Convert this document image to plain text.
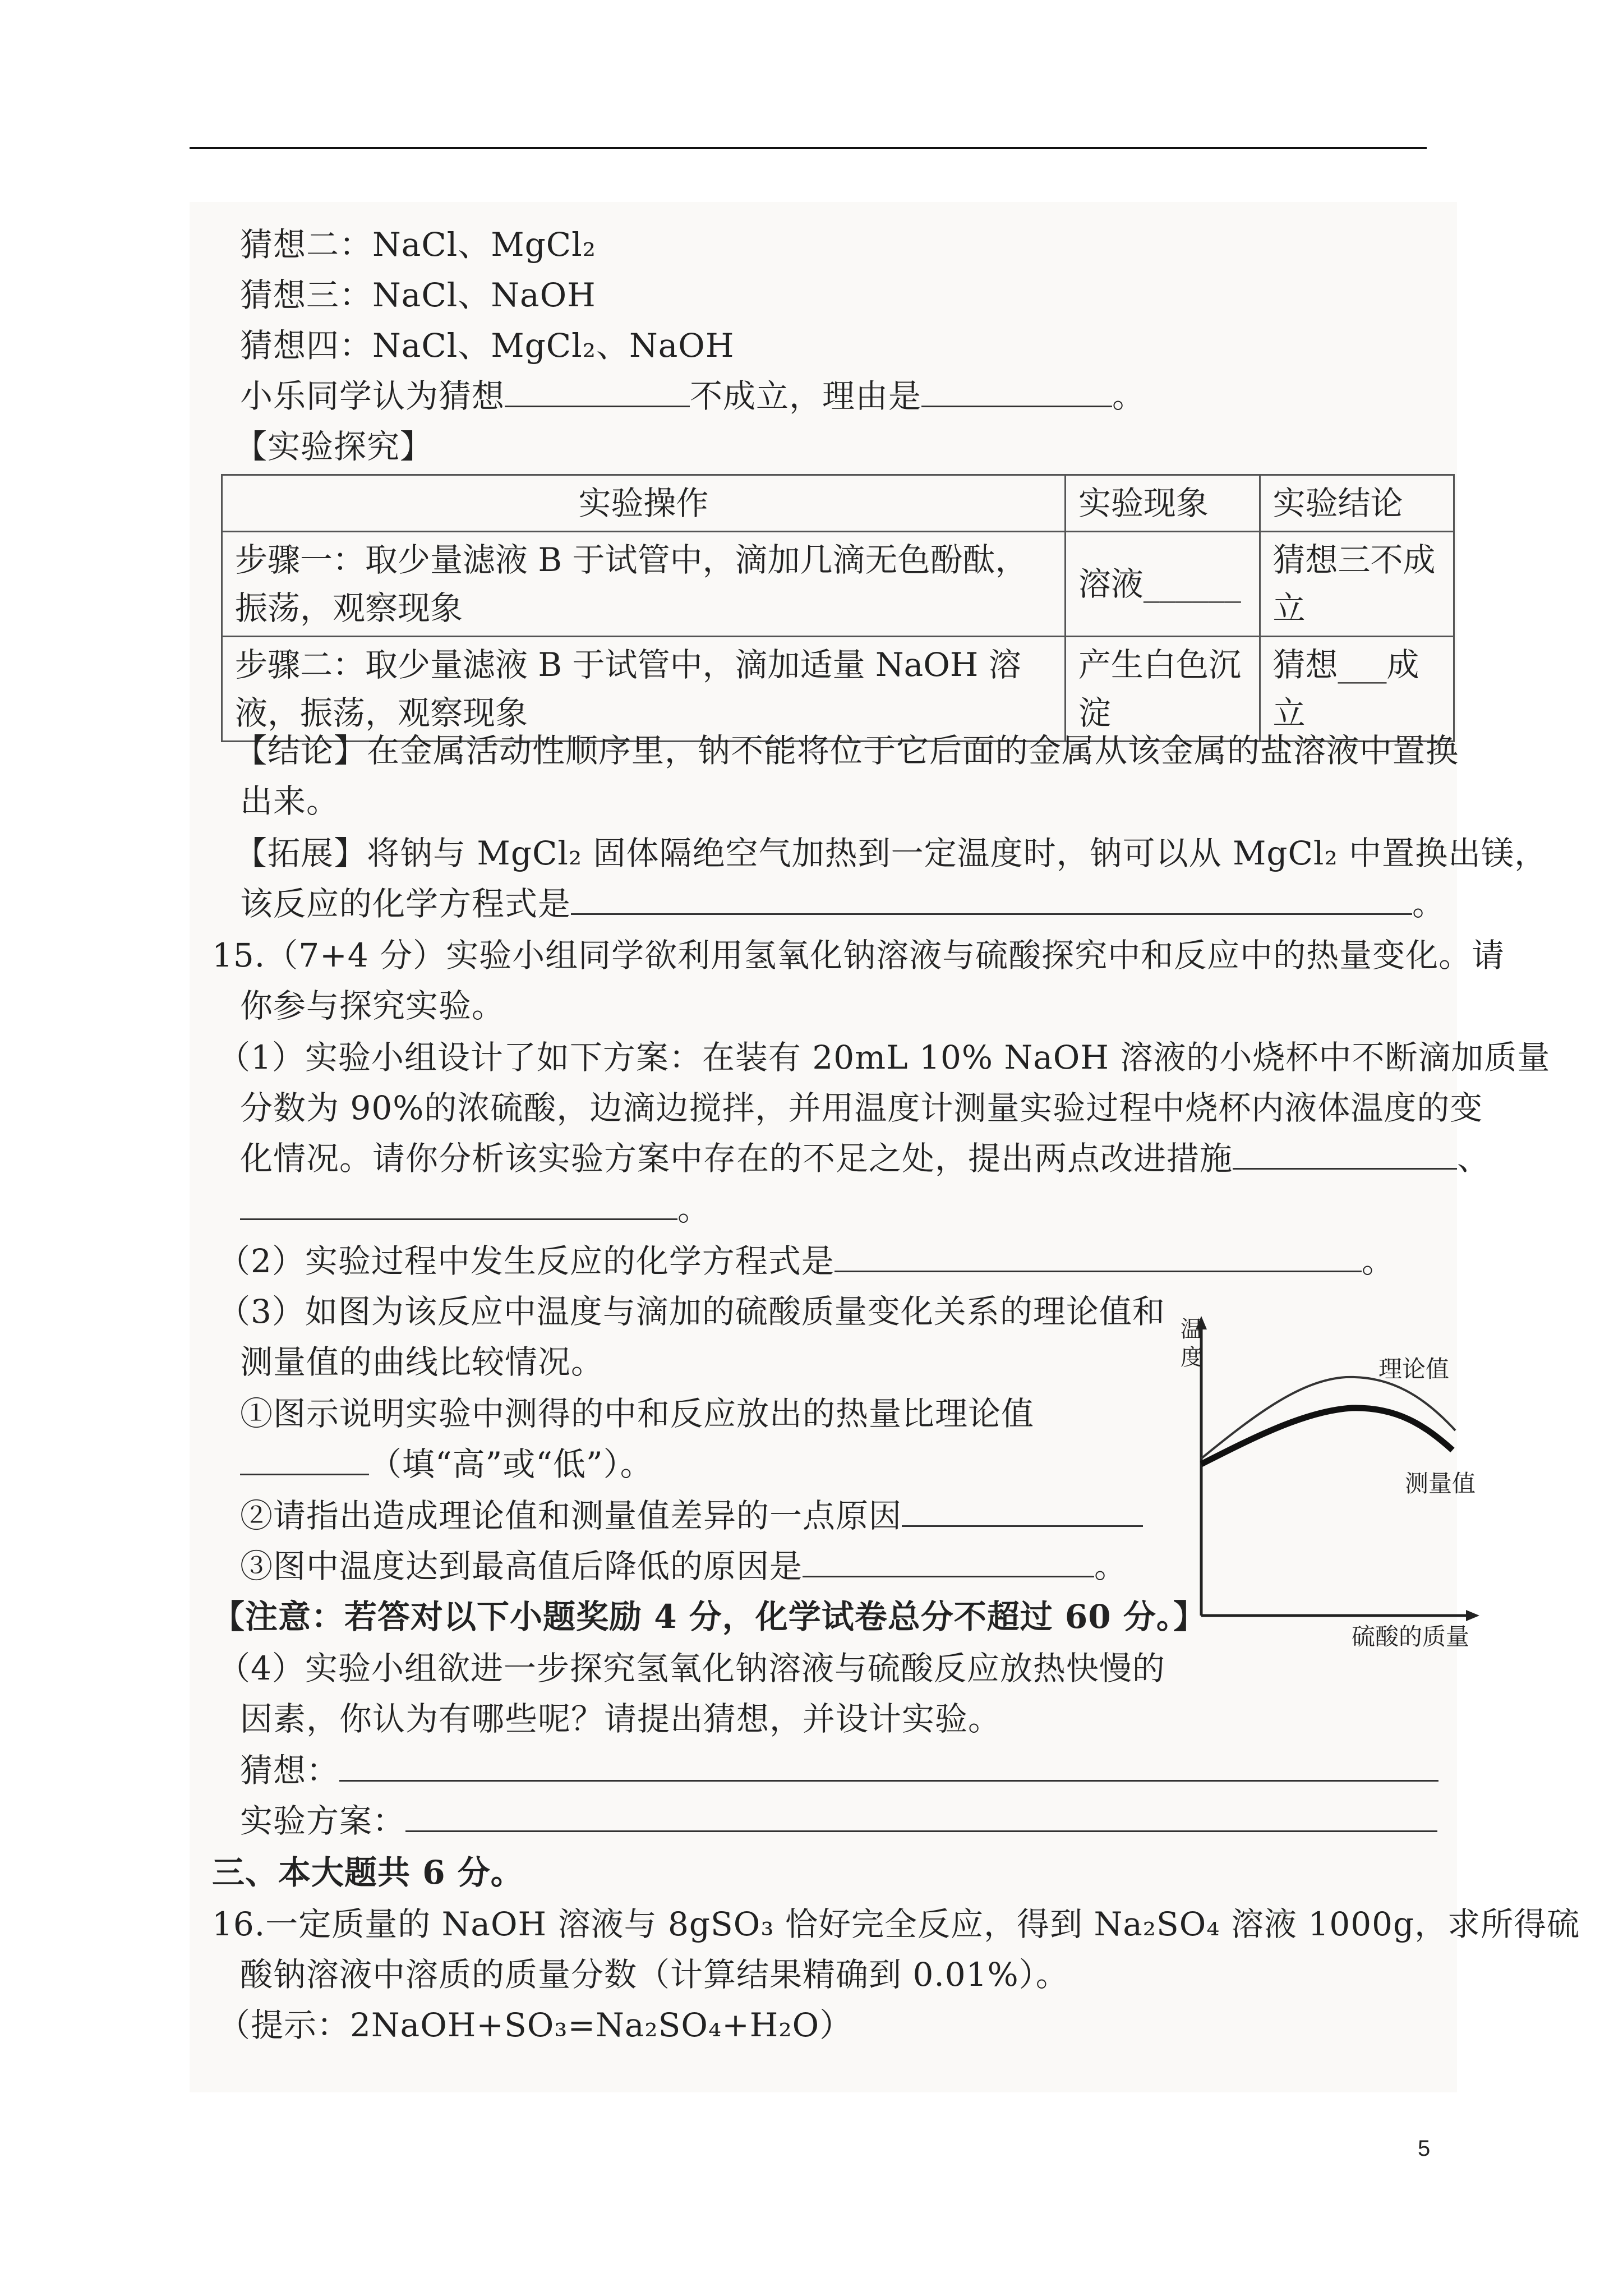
猜想二：NaCl、MgCl₂
猜想三：NaCl、NaOH
猜想四：NaCl、MgCl₂、NaOH
小乐同学认为猜想	不成立，理由是	。
【实验探究】
实验操作	实验现象	实验结论
步骤一：取少量滤液 B 于试管中，滴加几滴无色酚酞，振荡，观察现象	溶液______	猜想三不成立
步骤二：取少量滤液 B 于试管中，滴加适量 NaOH 溶液，振荡，观察现象	产生白色沉淀	猜想___成立
【结论】在金属活动性顺序里，钠不能将位于它后面的金属从该金属的盐溶液中置换
出来。
【拓展】将钠与 MgCl₂ 固体隔绝空气加热到一定温度时，钠可以从 MgCl₂ 中置换出镁，
该反应的化学方程式是	。
15.（7+4 分）实验小组同学欲利用氢氧化钠溶液与硫酸探究中和反应中的热量变化。请
你参与探究实验。
（1）实验小组设计了如下方案：在装有 20mL 10% NaOH 溶液的小烧杯中不断滴加质量
分数为 90%的浓硫酸，边滴边搅拌，并用温度计测量实验过程中烧杯内液体温度的变
化情况。请你分析该实验方案中存在的不足之处，提出两点改进措施	、
。
（2）实验过程中发生反应的化学方程式是	。
（3）如图为该反应中温度与滴加的硫酸质量变化关系的理论值和
测量值的曲线比较情况。
①图示说明实验中测得的中和反应放出的热量比理论值
（填“高”或“低”）。
②请指出造成理论值和测量值差异的一点原因
③图中温度达到最高值后降低的原因是	。
【注意：若答对以下小题奖励 4 分，化学试卷总分不超过 60 分。】
（4）实验小组欲进一步探究氢氧化钠溶液与硫酸反应放热快慢的
因素，你认为有哪些呢？请提出猜想，并设计实验。
猜想：
实验方案：
三、本大题共 6 分。
16.一定质量的 NaOH 溶液与 8gSO₃ 恰好完全反应，得到 Na₂SO₄ 溶液 1000g，求所得硫
酸钠溶液中溶质的质量分数（计算结果精确到 0.01%）。
（提示：2NaOH+SO₃=Na₂SO₄+H₂O）
温度	理论值
测量值
硫酸的质量
5
